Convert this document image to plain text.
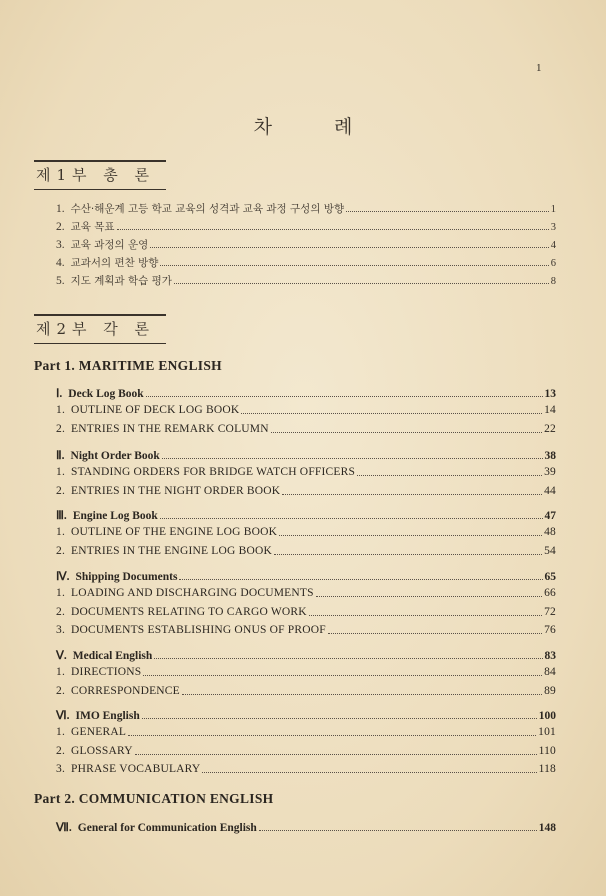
1
차 례
제1부 총 론
1. 수산·해운계 고등 학교 교육의 성격과 교육 과정 구성의 방향	1
2. 교육 목표	3
3. 교육 과정의 운영	4
4. 교과서의 편찬 방향	6
5. 지도 계획과 학습 평가	8
제2부 각 론
Part 1. MARITIME ENGLISH
Ⅰ. Deck Log Book	13
1. OUTLINE OF DECK LOG BOOK	14
2. ENTRIES IN THE REMARK COLUMN	22
Ⅱ. Night Order Book	38
1. STANDING ORDERS FOR BRIDGE WATCH OFFICERS	39
2. ENTRIES IN THE NIGHT ORDER BOOK	44
Ⅲ. Engine Log Book	47
1. OUTLINE OF THE ENGINE LOG BOOK	48
2. ENTRIES IN THE ENGINE LOG BOOK	54
Ⅳ. Shipping Documents	65
1. LOADING AND DISCHARGING DOCUMENTS	66
2. DOCUMENTS RELATING TO CARGO WORK	72
3. DOCUMENTS ESTABLISHING ONUS OF PROOF	76
Ⅴ. Medical English	83
1. DIRECTIONS	84
2. CORRESPONDENCE	89
Ⅵ. IMO English	100
1. GENERAL	101
2. GLOSSARY	110
3. PHRASE VOCABULARY	118
Part 2. COMMUNICATION ENGLISH
Ⅶ. General for Communication English	148
